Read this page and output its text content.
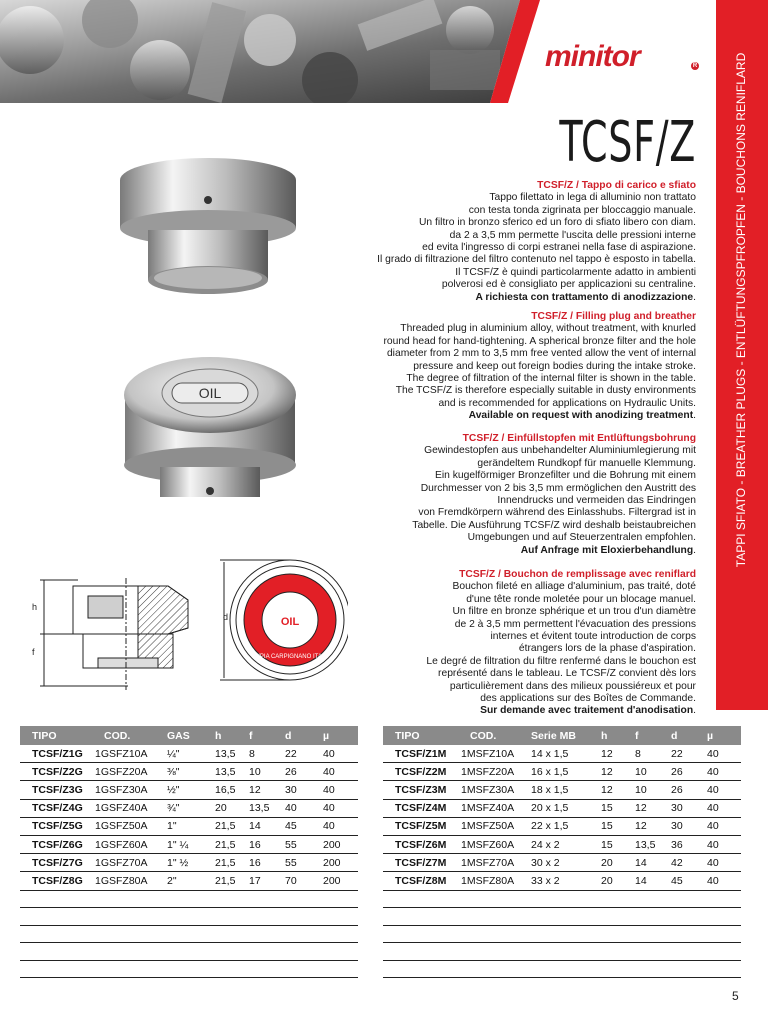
minitor	R	TAPPI SFIATO - BREATHER PLUGS - ENTLÜFTUNGSPFROPFEN - BOUCHONS RENIFLARD
TCSF/Z
OIL
h
f
d
minitor
OIL
CUPIA CARPIGNANO ITALY
TCSF/Z / Tappo di carico e sfiato
Tappo filettato in lega di alluminio non trattato
con testa tonda zigrinata per bloccaggio manuale.
Un filtro in bronzo sferico ed un foro di sfiato libero con diam.
da 2 a 3,5 mm permette l'uscita delle pressioni interne
ed evita l'ingresso di corpi estranei nella fase di aspirazione.
Il grado di filtrazione del filtro contenuto nel tappo è esposto in tabella.
Il TCSF/Z è quindi particolarmente adatto in ambienti
polverosi ed è consigliato per applicazioni su centraline.
A richiesta con trattamento di anodizzazione.
TCSF/Z / Filling plug and breather
Threaded plug in aluminium alloy, without treatment, with knurled
round head for hand-tightening. A spherical bronze filter and the hole
diameter from 2 mm to 3,5 mm free vented allow the vent of internal
pressure and keep out foreign bodies during the intake stroke.
The degree of filtration of the internal filter is shown in the table.
The TCSF/Z is therefore especially suitable in dusty environments
and is recommended for applications on Hydraulic Units.
Available on request with anodizing treatment.
TCSF/Z / Einfüllstopfen mit Entlüftungsbohrung
Gewindestopfen aus unbehandelter Aluminiumlegierung mit
gerändeltem Rundkopf für manuelle Klemmung.
Ein kugelförmiger Bronzefilter und die Bohrung mit einem
Durchmesser von 2 bis 3,5 mm ermöglichen den Austritt des
Innendrucks und vermeiden das Eindringen
von Fremdkörpern während des Einlasshubs. Filtergrad ist in
Tabelle. Die Ausführung TCSF/Z wird deshalb beistaubreichen
Umgebungen und auf Steuerzentralen empfohlen.
Auf Anfrage mit Eloxierbehandlung.
TCSF/Z / Bouchon de remplissage avec reniflard
Bouchon fileté en alliage d'aluminium, pas traité, doté
d'une tête ronde moletée pour un blocage manuel.
Un filtre en bronze sphérique et un trou d'un diamètre
de 2 à 3,5 mm permettent l'évacuation des pressions
internes et évitent toute introduction de corps
étrangers lors de la phase d'aspiration.
Le degré de filtration du filtre renfermé dans le bouchon est
représenté dans le tableau. Le TCSF/Z convient dès lors
particulièrement dans des milieux poussiéreux et pour
des applications sur des Boîtes de Commande.
Sur demande avec traitement d'anodisation.
TIPO	COD.	GAS	h	f	d	µ
TCSF/Z1G	1GSFZ10A	¼"	13,5	8	22	40
TCSF/Z2G	1GSFZ20A	⅜"	13,5	10	26	40
TCSF/Z3G	1GSFZ30A	½"	16,5	12	30	40
TCSF/Z4G	1GSFZ40A	¾"	20	13,5	40	40
TCSF/Z5G	1GSFZ50A	1"	21,5	14	45	40
TCSF/Z6G	1GSFZ60A	1" ¼	21,5	16	55	200
TCSF/Z7G	1GSFZ70A	1" ½	21,5	16	55	200
TCSF/Z8G	1GSFZ80A	2"	21,5	17	70	200

TIPO	COD.	Serie MB	h	f	d	µ
TCSF/Z1M	1MSFZ10A	14 x 1,5	12	8	22	40
TCSF/Z2M	1MSFZ20A	16 x 1,5	12	10	26	40
TCSF/Z3M	1MSFZ30A	18 x 1,5	12	10	26	40
TCSF/Z4M	1MSFZ40A	20 x 1,5	15	12	30	40
TCSF/Z5M	1MSFZ50A	22 x 1,5	15	12	30	40
TCSF/Z6M	1MSFZ60A	24 x 2	15	13,5	36	40
TCSF/Z7M	1MSFZ70A	30 x 2	20	14	42	40
TCSF/Z8M	1MSFZ80A	33 x 2	20	14	45	40

5
